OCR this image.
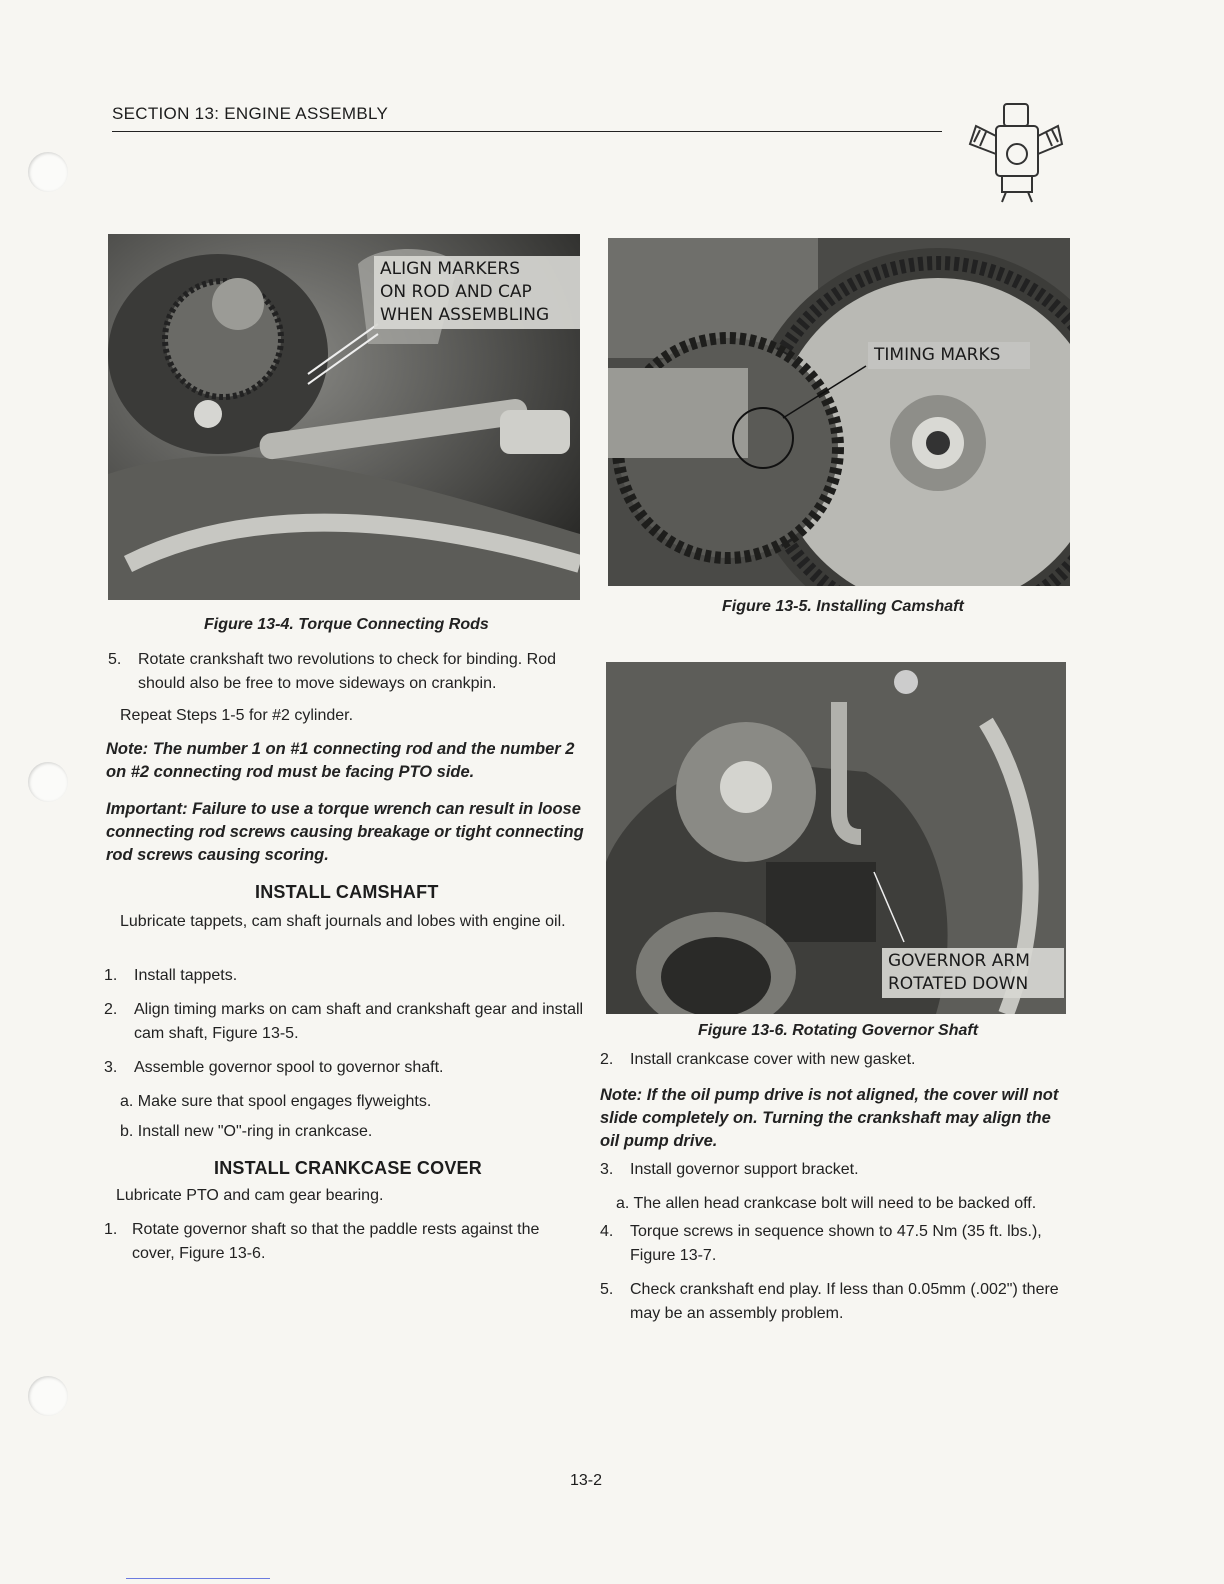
SECTION 13: ENGINE ASSEMBLY
ALIGN MARKERS
ON ROD AND CAP
WHEN ASSEMBLING
Figure 13-4. Torque Connecting Rods
TIMING MARKS
Figure 13-5. Installing Camshaft
GOVERNOR ARM
ROTATED DOWN
Figure 13-6. Rotating Governor Shaft
5. Rotate crankshaft two revolutions to check for binding. Rod should also be free to move sideways on crankpin.
Repeat Steps 1-5 for #2 cylinder.
Note: The number 1 on #1 connecting rod and the number 2 on #2 connecting rod must be facing PTO side.
Important: Failure to use a torque wrench can result in loose connecting rod screws causing breakage or tight connecting rod screws causing scoring.
INSTALL CAMSHAFT
Lubricate tappets, cam shaft journals and lobes with engine oil.
1. Install tappets.
2. Align timing marks on cam shaft and crankshaft gear and install cam shaft, Figure 13-5.
3. Assemble governor spool to governor shaft.
a. Make sure that spool engages flyweights.
b. Install new "O"-ring in crankcase.
INSTALL CRANKCASE COVER
Lubricate PTO and cam gear bearing.
1. Rotate governor shaft so that the paddle rests against the cover, Figure 13-6.
2. Install crankcase cover with new gasket.
Note: If the oil pump drive is not aligned, the cover will not slide completely on. Turning the crankshaft may align the oil pump drive.
3. Install governor support bracket.
a. The allen head crankcase bolt will need to be backed off.
4. Torque screws in sequence shown to 47.5 Nm (35 ft. lbs.), Figure 13-7.
5. Check crankshaft end play. If less than 0.05mm (.002") there may be an assembly problem.
13-2
